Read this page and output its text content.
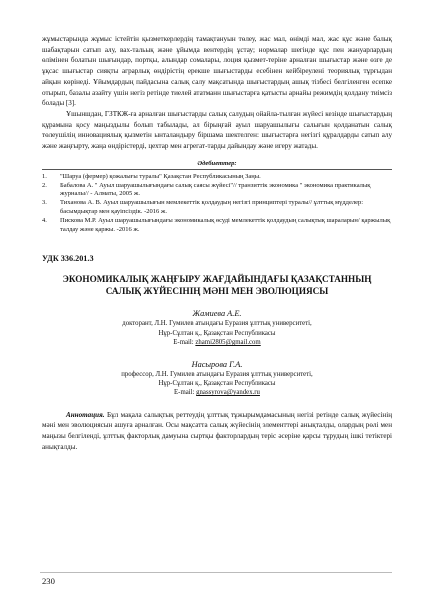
жұмыстарында жұмыс істейтін қызметкерлердің тамақтануын төлеу, жас мал, өнімді мал, жас құс және балық шабақтарын сатып алу, вах-тальық және ұйымда вентердің ұстау; нормалар шегінде құс пен жануарлардың өлімінен болатын шығындар, портқы, алындар сомалары, лоция қызмет-терiне арналған шығыстар және өзге де ұқсас шығыстар сияқты аграрлық өндірістің ерекше шығыстарды есебінен кейбіреулені теориялық тұрғыдан айқын көрінеді. Ұйымдардың пайдасына салық салу мақсатында шығыстардың ашық тізбесі белгіленген есепке отырып, базалы азайту үшін негіз ретінде тиелей ататманн шығыстарға қатысты арнайы режимдің қолдану тиімсіз болады [3].

Ұшыншдан, ГЗТКЖ-ға арналған шығыстарды салық салудың ойайла-тылған жүйесі кезінде шығыстардың құрамына қосу маңыздылы болып табылады, ал бірыңғай ауыл шаруашылығы салығын қолданатын салық төлеушілің инновациялық қызметін ынталандыру біршама шектелген: шығыстарға негізгі құралдарды сатып алу және жаңғырту, жаңа өндірістерді, цехтар мен агрегат-тарды дайындау және игеру жатады.

Әдебиеттер:
1.	"Шаруа (фермер) қожалығы туралы" Қазақстан Республикасының Заңы.
2.	Бабалова А. " Ауыл шаруашылығындағы салық саясы жүйесі"// транзиттік экономика " экономика практикалық журналы// - Алматы, 2005 ж.
3.	Тиханова А. В. Ауыл шаруашылығын мемлекеттік қолдаудың негізгі принциптері туралы// ұлттық мүдделер: басымдықтар мен қауіпсіздік. -2016 ж.
4.	Пискова М.Р. Ауыл шаруашылығындағы экономикалық өсуді мемлекеттік қолдаудың салықтық шараларын/ қаржылық талдау және қаржы. -2016 ж.
УДК 336.201.3

ЭКОНОМИКАЛЫҚ ЖАҢҒЫРУ ЖАҒДАЙЫНДАҒЫ ҚАЗАҚСТАННЫҢ

САЛЫҚ ЖҮЙЕСІНІҢ МӘНІ МЕН ЭВОЛЮЦИЯСЫ

Жамиева А.Е.

докторант, Л.Н. Гумилев атындағы Еуразия ұлттық университеті,

Нұр-Сұлтан қ., Қазақстан Республикасы

E-mail: zhami2805@gmail.com

Насырова Г.А.

профессор, Л.Н. Гумилев атындағы Еуразия ұлттық университеті,

Нұр-Сұлтан қ., Қазақстан Республикасы

E-mail: gnassyrova@yandex.ru

Аннотация. Бұл мақала салықтық реттеудің ұлттық тұжырымдамасының негізі ретінде салық жүйесінің мәні мен эволюциясын ашуға арналған. Осы мақсатта салық жүйесінің элементтері анықталды, олардың рөлі мен маңызы белгіленді, ұлттық факторлық дамуына сыртқы факторлардың теріс әсеріне қарсы тұрудың ішкі тетіктері анықталды.

230
